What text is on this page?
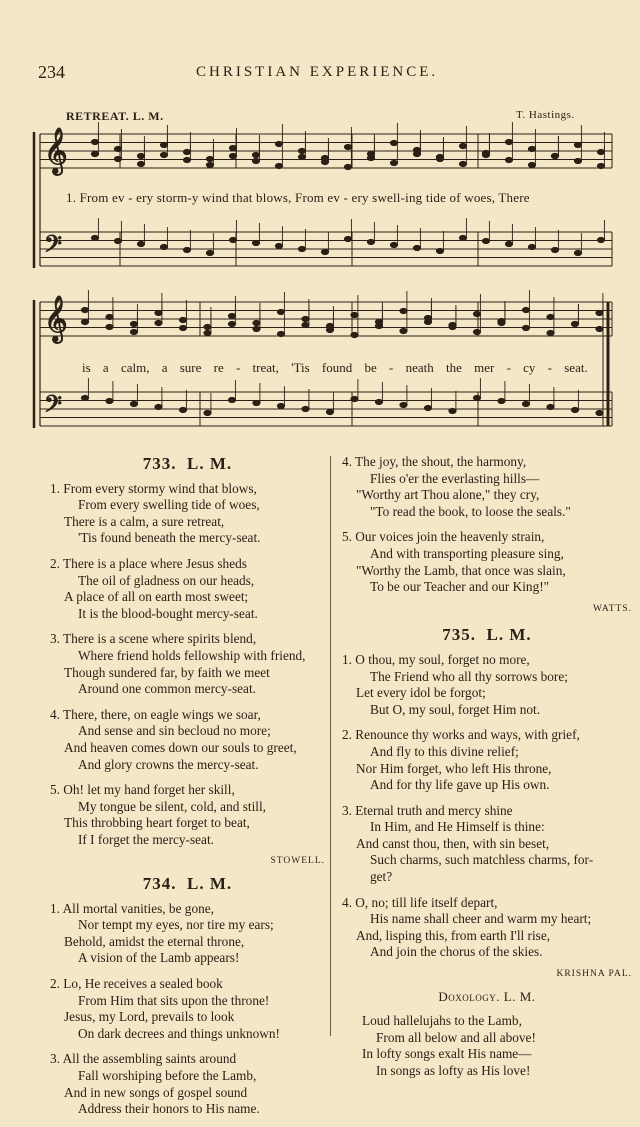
234	CHRISTIAN EXPERIENCE.
RETREAT. L. M.	T. Hastings.
𝄞
𝄢
𝄞
𝄢
1. From ev - ery storm-y wind that blows, From ev - ery swell-ing tide of woes, There
is a calm, a sure re - treat, 'Tis found be - neath the mer - cy - seat.
733. L. M.
1. From every stormy wind that blows,
From every swelling tide of woes,
There is a calm, a sure retreat,
'Tis found beneath the mercy-seat.
2. There is a place where Jesus sheds
The oil of gladness on our heads,
A place of all on earth most sweet;
It is the blood-bought mercy-seat.
3. There is a scene where spirits blend,
Where friend holds fellowship with friend,
Though sundered far, by faith we meet
Around one common mercy-seat.
4. There, there, on eagle wings we soar,
And sense and sin becloud no more;
And heaven comes down our souls to greet,
And glory crowns the mercy-seat.
5. Oh! let my hand forget her skill,
My tongue be silent, cold, and still,
This throbbing heart forget to beat,
If I forget the mercy-seat.
STOWELL.
734. L. M.
1. All mortal vanities, be gone,
Nor tempt my eyes, nor tire my ears;
Behold, amidst the eternal throne,
A vision of the Lamb appears!
2. Lo, He receives a sealed book
From Him that sits upon the throne!
Jesus, my Lord, prevails to look
On dark decrees and things unknown!
3. All the assembling saints around
Fall worshiping before the Lamb,
And in new songs of gospel sound
Address their honors to His name.
4. The joy, the shout, the harmony,
Flies o'er the everlasting hills—
"Worthy art Thou alone," they cry,
"To read the book, to loose the seals."
5. Our voices join the heavenly strain,
And with transporting pleasure sing,
"Worthy the Lamb, that once was slain,
To be our Teacher and our King!"
WATTS.
735. L. M.
1. O thou, my soul, forget no more,
The Friend who all thy sorrows bore;
Let every idol be forgot;
But O, my soul, forget Him not.
2. Renounce thy works and ways, with grief,
And fly to this divine relief;
Nor Him forget, who left His throne,
And for thy life gave up His own.
3. Eternal truth and mercy shine
In Him, and He Himself is thine:
And canst thou, then, with sin beset,
Such charms, such matchless charms, for-
get?
4. O, no; till life itself depart,
His name shall cheer and warm my heart;
And, lisping this, from earth I'll rise,
And join the chorus of the skies.
KRISHNA PAL.
Doxology. L. M.
Loud hallelujahs to the Lamb,
From all below and all above!
In lofty songs exalt His name—
In songs as lofty as His love!
